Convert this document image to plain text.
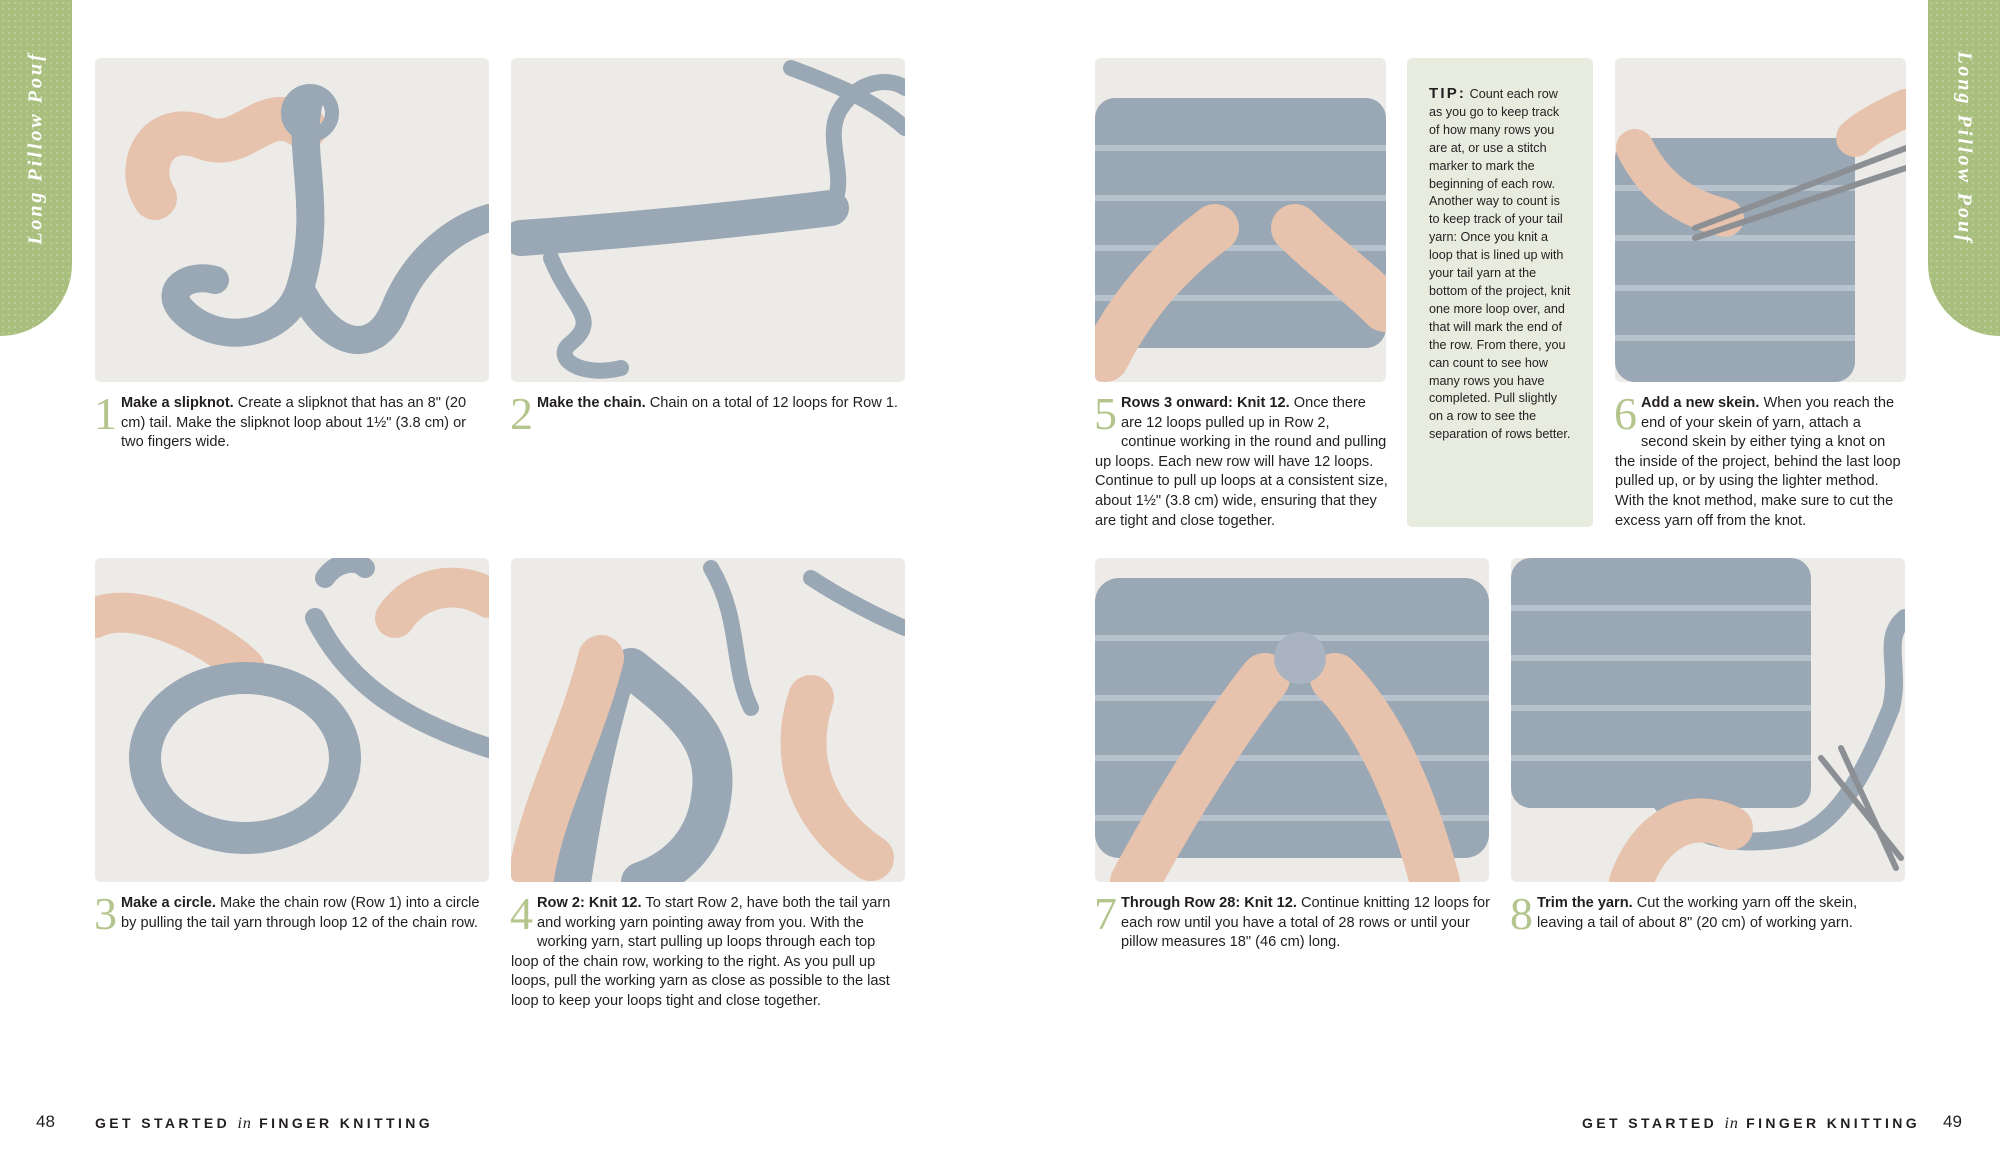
Long Pillow Pouf	Long Pillow Pouf
1 Make a slipknot. Create a slipknot that has an 8" (20 cm) tail. Make the slipknot loop about 1½" (3.8 cm) or two fingers wide.
2 Make the chain. Chain on a total of 12 loops for Row 1.
3 Make a circle. Make the chain row (Row 1) into a circle by pulling the tail yarn through loop 12 of the chain row. 4 Row 2: Knit 12. To start Row 2, have both the tail yarn and working yarn pointing away from you. With the working yarn, start pulling up loops through each top loop of the chain row, working to the right. As you pull up loops, pull the working yarn as close as possible to the last loop to keep your loops tight and close together.
5 Rows 3 onward: Knit 12. Once there are 12 loops pulled up in Row 2, continue working in the round and pulling up loops. Each new row will have 12 loops. Continue to pull up loops at a consistent size, about 1½" (3.8 cm) wide, ensuring that they are tight and close together.
6 Add a new skein. When you reach the end of your skein of yarn, attach a second skein by either tying a knot on the inside of the project, behind the last loop pulled up, or by using the lighter method. With the knot method, make sure to cut the excess yarn off from the knot.
7 Through Row 28: Knit 12. Continue knitting 12 loops for each row until you have a total of 28 rows or until your pillow measures 18" (46 cm) long.
8 Trim the yarn. Cut the working yarn off the skein, leaving a tail of about 8" (20 cm) of working yarn.
TIP: Count each row as you go to keep track of how many rows you are at, or use a stitch marker to mark the beginning of each row. Another way to count is to keep track of your tail yarn: Once you knit a loop that is lined up with your tail yarn at the bottom of the project, knit one more loop over, and that will mark the end of the row. From there, you can count to see how many rows you have completed. Pull slightly on a row to see the separation of rows better.
48	GET STARTED in FINGER KNITTING	GET STARTED in FINGER KNITTING 49
